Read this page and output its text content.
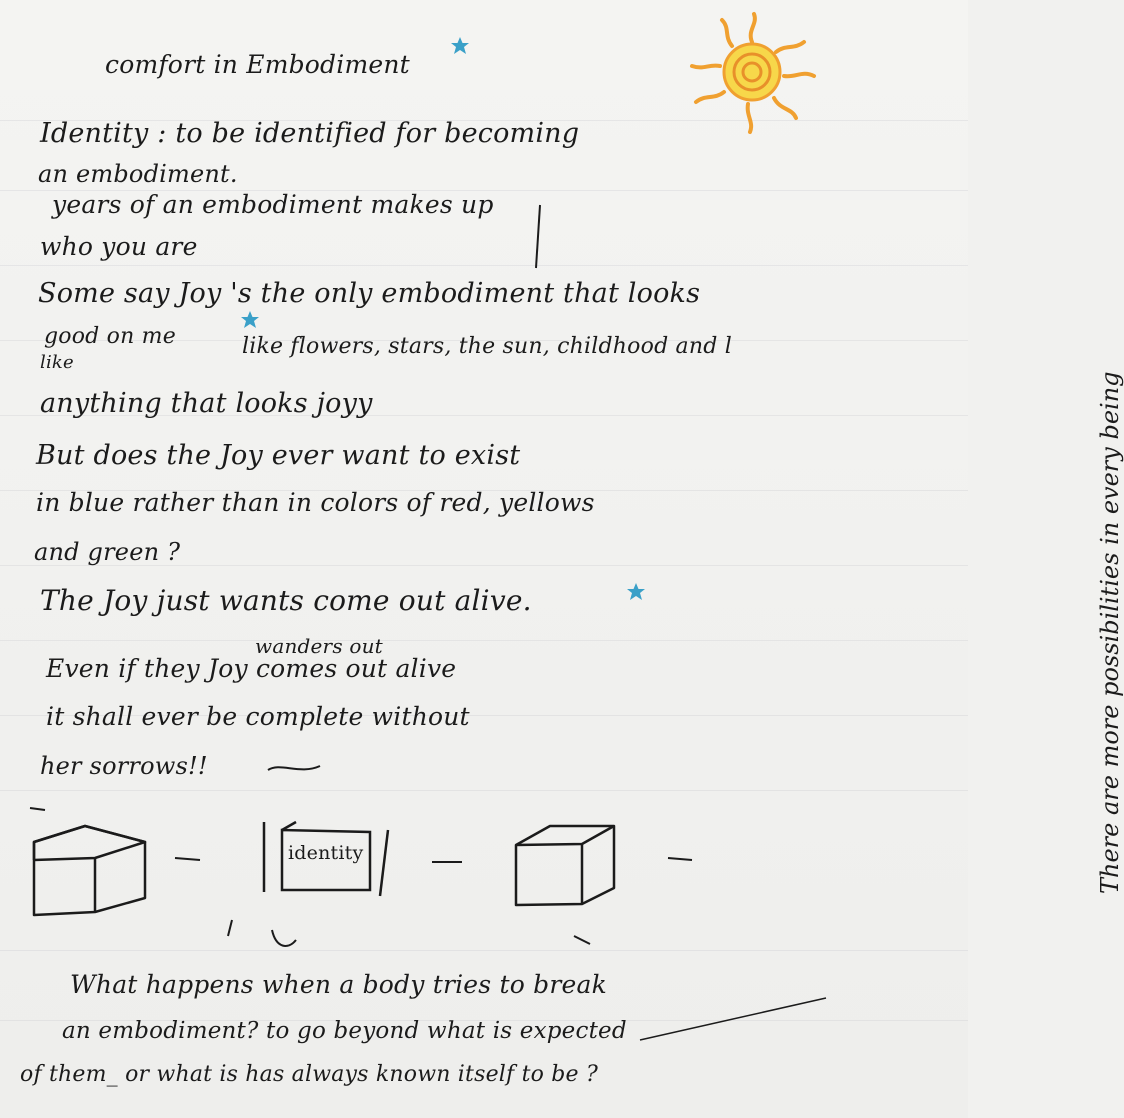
comfort in Embodiment
Identity : to be identified for becoming
an embodiment.
years of an embodiment makes up
who you are
Some say Joy 's the only embodiment that looks
good on me
like
like flowers, stars, the sun, childhood and l
anything that looks joyy
But does the Joy ever want to exist
in blue rather than in colors of red, yellows
and green ?
The Joy just wants come out alive.
wanders out
Even if they Joy comes out alive
it shall ever be complete without
her sorrows!!
What happens when a body tries to break
an embodiment? to go beyond what is expected
of them_ or what is has always known itself to be ?
There are more possibilities in every being
identity
